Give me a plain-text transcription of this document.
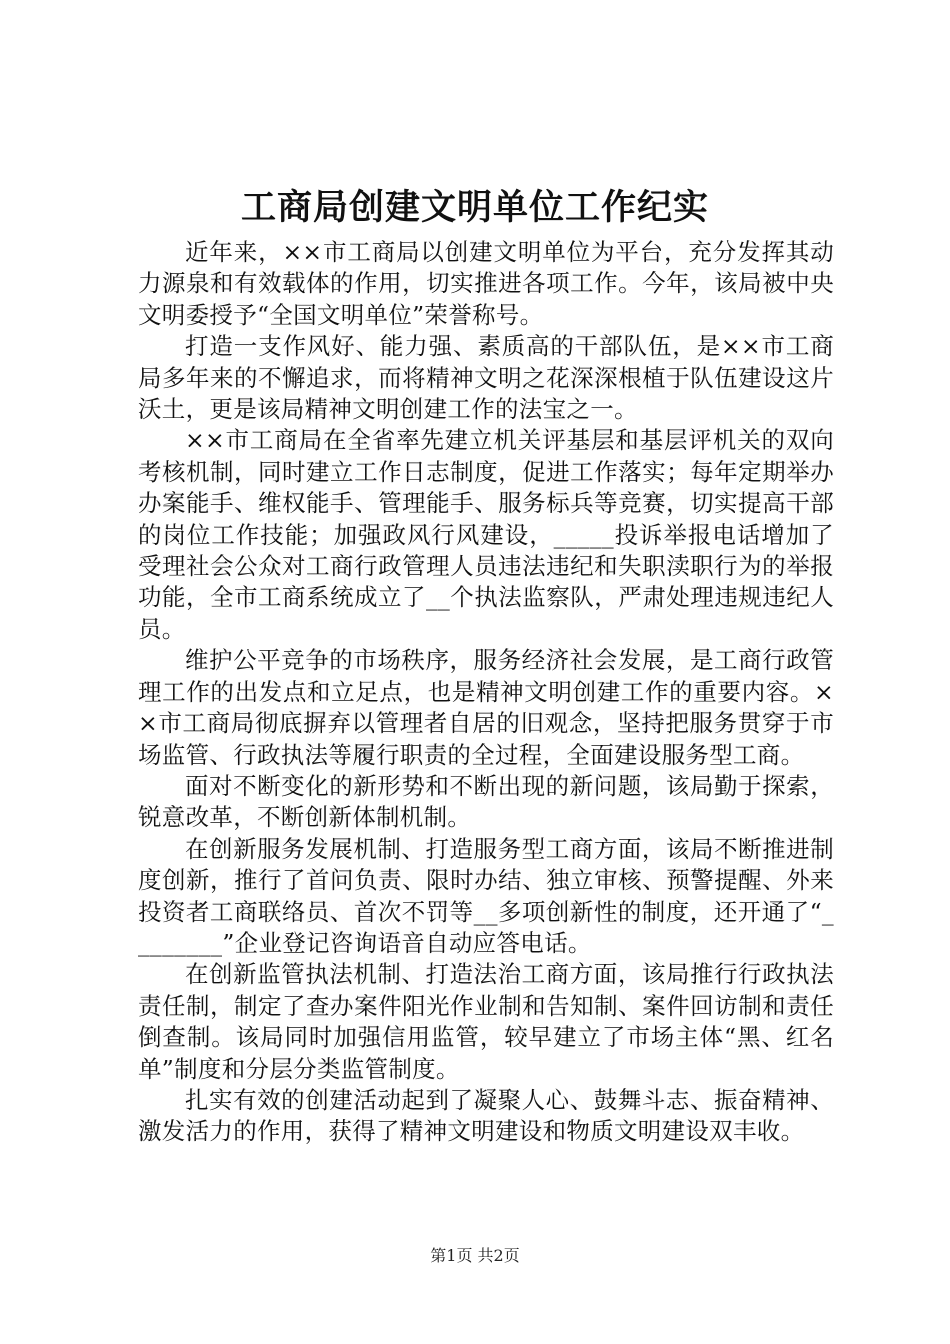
工商局创建文明单位工作纪实

近年来，××市工商局以创建文明单位为平台，充分发挥其动力源泉和有效载体的作用，切实推进各项工作。今年，该局被中央文明委授予“全国文明单位”荣誉称号。

打造一支作风好、能力强、素质高的干部队伍，是××市工商局多年来的不懈追求，而将精神文明之花深深根植于队伍建设这片沃土，更是该局精神文明创建工作的法宝之一。

××市工商局在全省率先建立机关评基层和基层评机关的双向考核机制，同时建立工作日志制度，促进工作落实；每年定期举办办案能手、维权能手、管理能手、服务标兵等竞赛，切实提高干部的岗位工作技能；加强政风行风建设，_____投诉举报电话增加了受理社会公众对工商行政管理人员违法违纪和失职渎职行为的举报功能，全市工商系统成立了__个执法监察队，严肃处理违规违纪人员。

维护公平竞争的市场秩序，服务经济社会发展，是工商行政管理工作的出发点和立足点，也是精神文明创建工作的重要内容。××市工商局彻底摒弃以管理者自居的旧观念，坚持把服务贯穿于市场监管、行政执法等履行职责的全过程，全面建设服务型工商。

面对不断变化的新形势和不断出现的新问题，该局勤于探索，锐意改革，不断创新体制机制。

在创新服务发展机制、打造服务型工商方面，该局不断推进制度创新，推行了首问负责、限时办结、独立审核、预警提醒、外来投资者工商联络员、首次不罚等__多项创新性的制度，还开通了“________”企业登记咨询语音自动应答电话。

在创新监管执法机制、打造法治工商方面，该局推行行政执法责任制，制定了查办案件阳光作业制和告知制、案件回访制和责任倒查制。该局同时加强信用监管，较早建立了市场主体“黑、红名单”制度和分层分类监管制度。

扎实有效的创建活动起到了凝聚人心、鼓舞斗志、振奋精神、激发活力的作用，获得了精神文明建设和物质文明建设双丰收。

第1页 共2页
